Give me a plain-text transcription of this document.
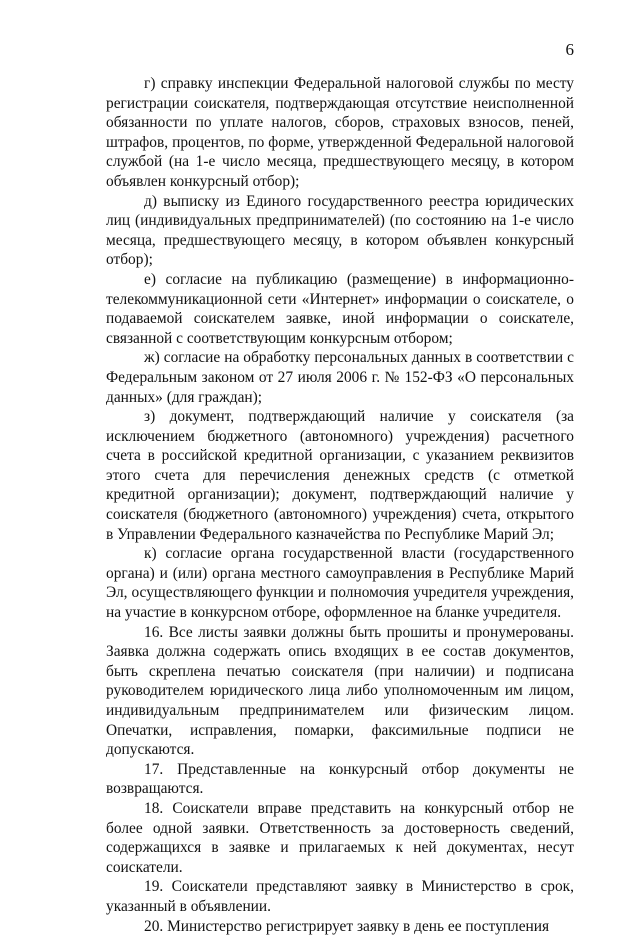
6

г) справку инспекции Федеральной налоговой службы по месту регистрации соискателя, подтверждающая отсутствие неисполненной обязанности по уплате налогов, сборов, страховых взносов, пеней, штрафов, процентов, по форме, утвержденной Федеральной налоговой службой (на 1-е число месяца, предшествующего месяцу, в котором объявлен конкурсный отбор);

д) выписку из Единого государственного реестра юридических лиц (индивидуальных предпринимателей) (по состоянию на 1-е число месяца, предшествующего месяцу, в котором объявлен конкурсный отбор);

е) согласие на публикацию (размещение) в информационно-телекоммуникационной сети «Интернет» информации о соискателе, о подаваемой соискателем заявке, иной информации о соискателе, связанной с соответствующим конкурсным отбором;

ж) согласие на обработку персональных данных в соответствии с Федеральным законом от 27 июля 2006 г. № 152-ФЗ «О персональных данных» (для граждан);

з) документ, подтверждающий наличие у соискателя (за исключением бюджетного (автономного) учреждения) расчетного счета в российской кредитной организации, с указанием реквизитов этого счета для перечисления денежных средств (с отметкой кредитной организации); документ, подтверждающий наличие у соискателя (бюджетного (автономного) учреждения) счета, открытого в Управлении Федерального казначейства по Республике Марий Эл;

к) согласие органа государственной власти (государственного органа) и (или) органа местного самоуправления в Республике Марий Эл, осуществляющего функции и полномочия учредителя учреждения, на участие в конкурсном отборе, оформленное на бланке учредителя.

16. Все листы заявки должны быть прошиты и пронумерованы. Заявка должна содержать опись входящих в ее состав документов, быть скреплена печатью соискателя (при наличии) и подписана руководителем юридического лица либо уполномоченным им лицом, индивидуальным предпринимателем или физическим лицом. Опечатки, исправления, помарки, факсимильные подписи не допускаются.

17. Представленные на конкурсный отбор документы не возвращаются.

18. Соискатели вправе представить на конкурсный отбор не более одной заявки. Ответственность за достоверность сведений, содержащихся в заявке и прилагаемых к ней документах, несут соискатели.

19. Соискатели представляют заявку в Министерство в срок, указанный в объявлении.

20. Министерство регистрирует заявку в день ее поступления
